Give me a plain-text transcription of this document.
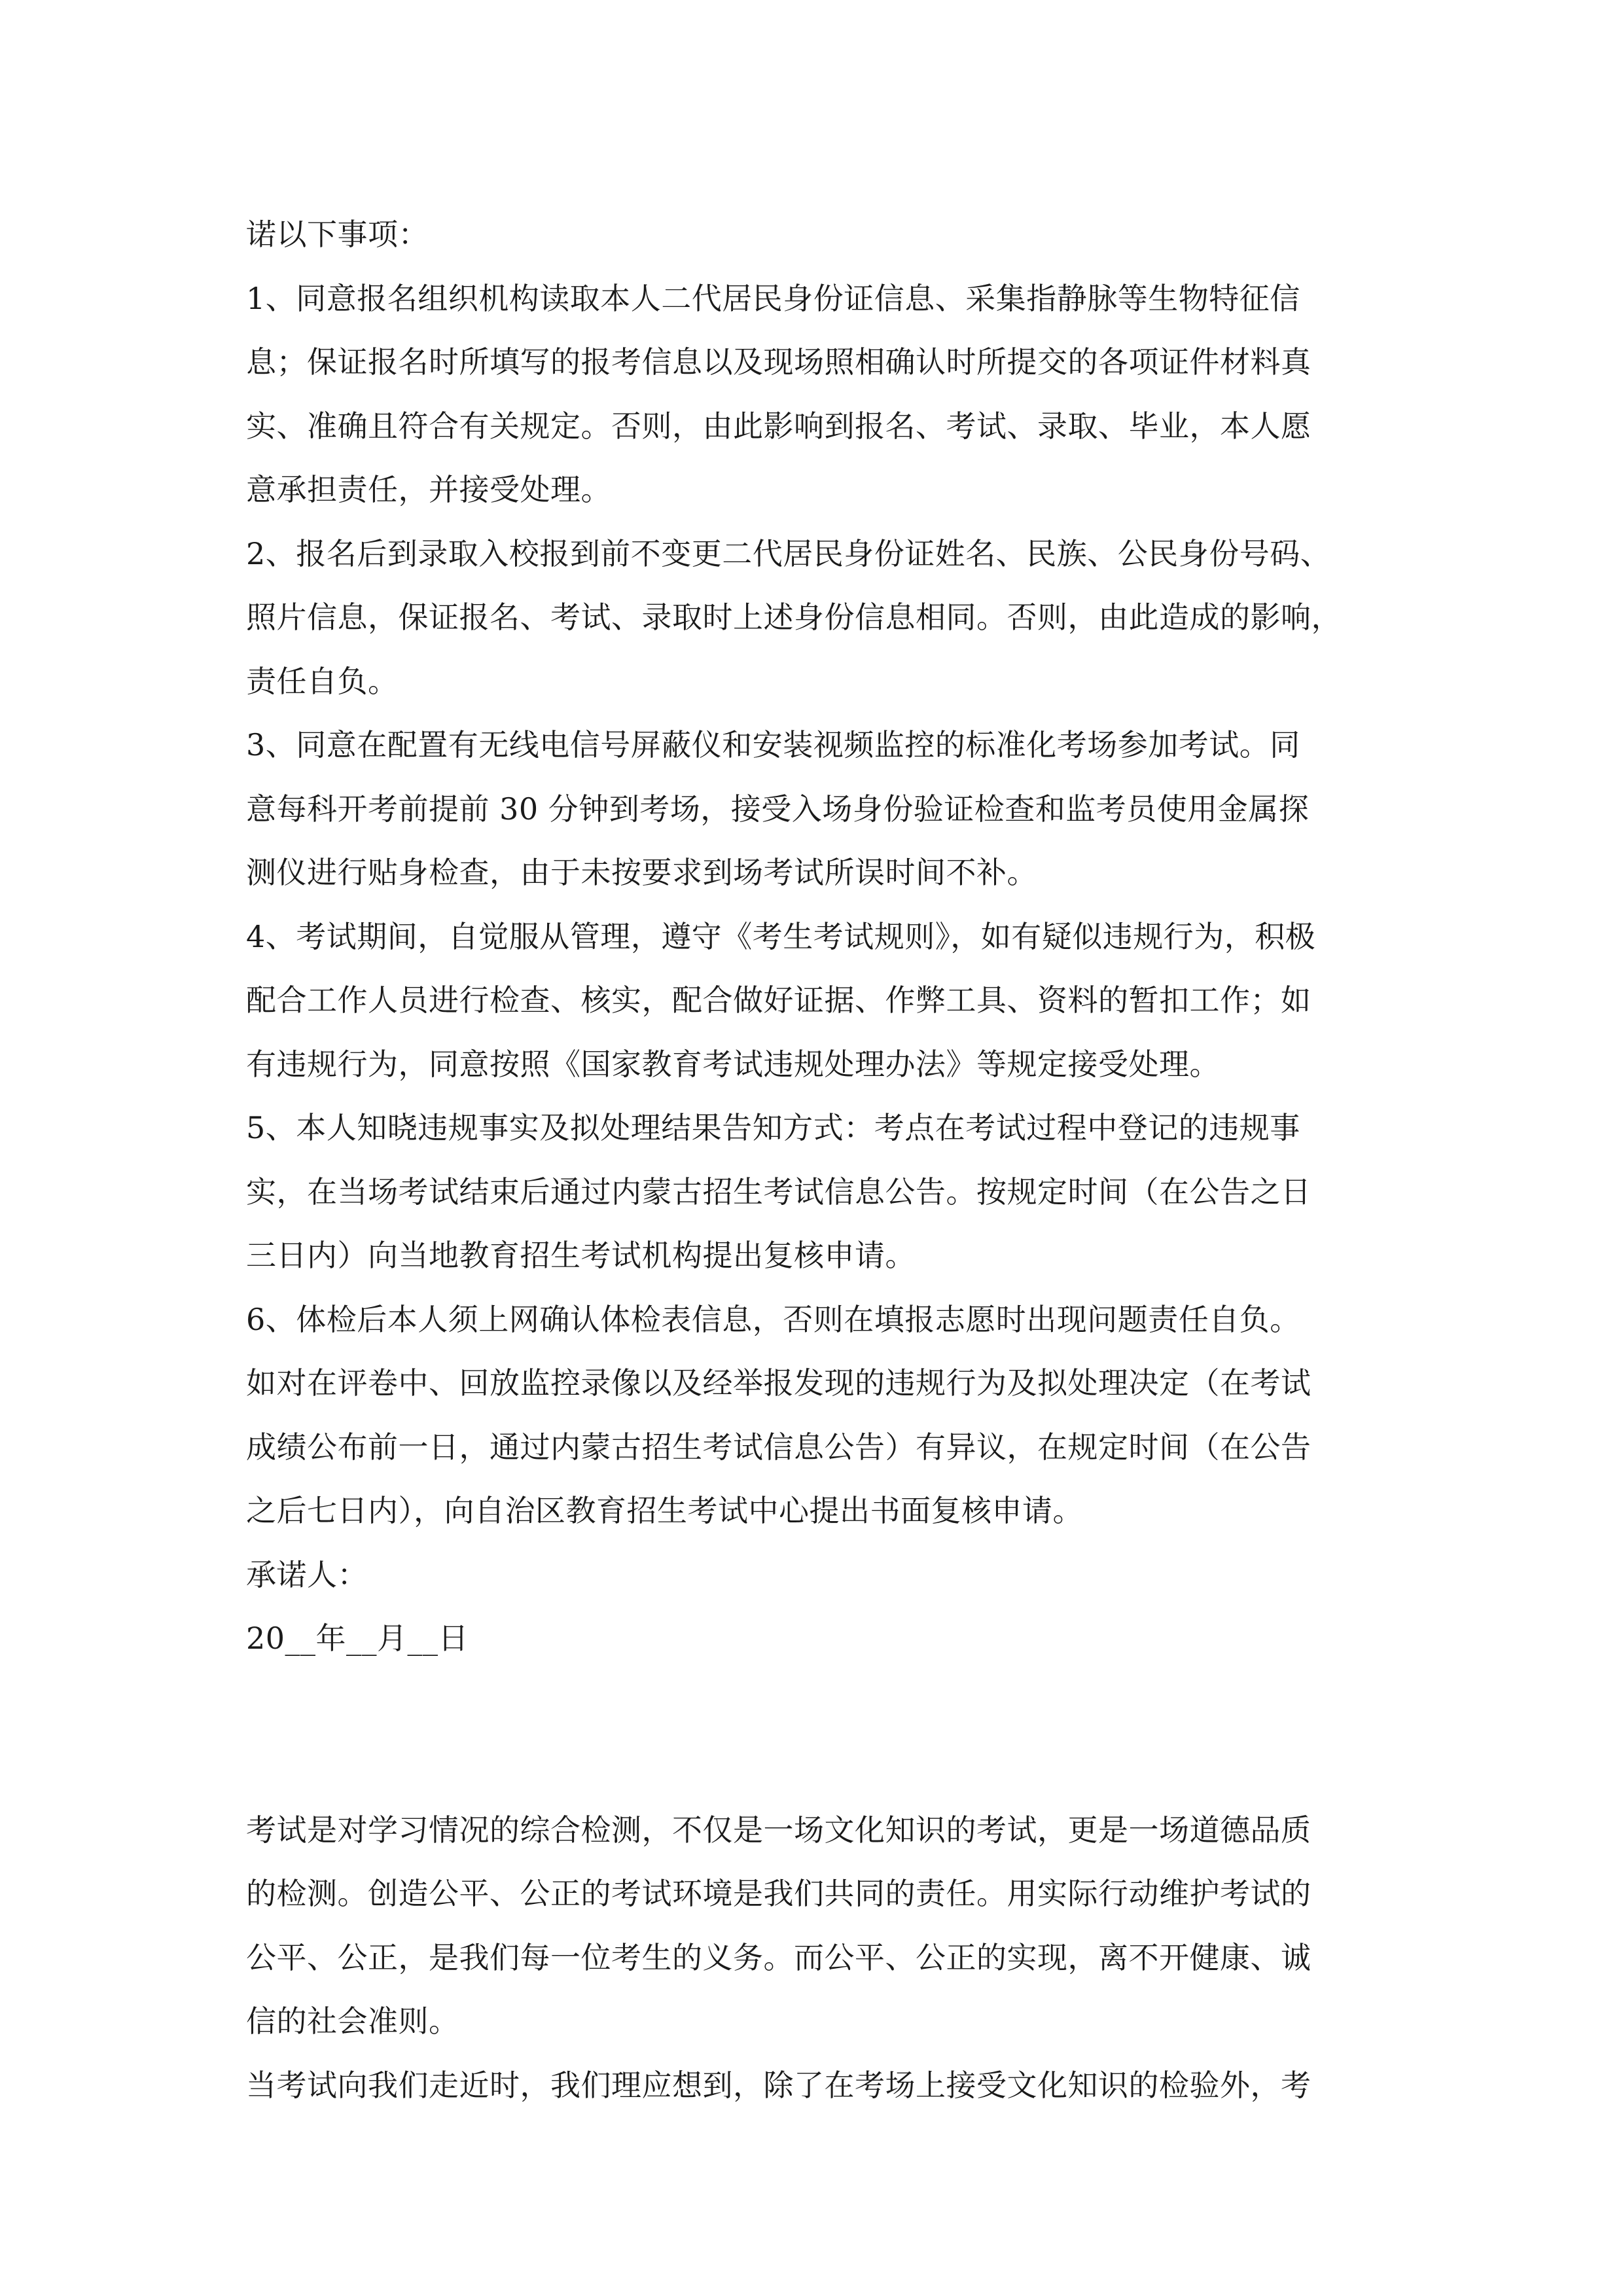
诺以下事项：
1、同意报名组织机构读取本人二代居民身份证信息、采集指静脉等生物特征信
息；保证报名时所填写的报考信息以及现场照相确认时所提交的各项证件材料真
实、准确且符合有关规定。否则，由此影响到报名、考试、录取、毕业，本人愿
意承担责任，并接受处理。
2、报名后到录取入校报到前不变更二代居民身份证姓名、民族、公民身份号码、
照片信息，保证报名、考试、录取时上述身份信息相同。否则，由此造成的影响，
责任自负。
3、同意在配置有无线电信号屏蔽仪和安装视频监控的标准化考场参加考试。同
意每科开考前提前 30 分钟到考场，接受入场身份验证检查和监考员使用金属探
测仪进行贴身检查，由于未按要求到场考试所误时间不补。
4、考试期间，自觉服从管理，遵守《考生考试规则》，如有疑似违规行为，积极
配合工作人员进行检查、核实，配合做好证据、作弊工具、资料的暂扣工作；如
有违规行为，同意按照《国家教育考试违规处理办法》等规定接受处理。
5、本人知晓违规事实及拟处理结果告知方式：考点在考试过程中登记的违规事
实，在当场考试结束后通过内蒙古招生考试信息公告。按规定时间（在公告之日
三日内）向当地教育招生考试机构提出复核申请。
6、体检后本人须上网确认体检表信息，否则在填报志愿时出现问题责任自负。
如对在评卷中、回放监控录像以及经举报发现的违规行为及拟处理决定（在考试
成绩公布前一日，通过内蒙古招生考试信息公告）有异议，在规定时间（在公告
之后七日内），向自治区教育招生考试中心提出书面复核申请。
承诺人：
20__年__月__日
考试是对学习情况的综合检测，不仅是一场文化知识的考试，更是一场道德品质
的检测。创造公平、公正的考试环境是我们共同的责任。用实际行动维护考试的
公平、公正，是我们每一位考生的义务。而公平、公正的实现，离不开健康、诚
信的社会准则。
当考试向我们走近时，我们理应想到，除了在考场上接受文化知识的检验外，考
